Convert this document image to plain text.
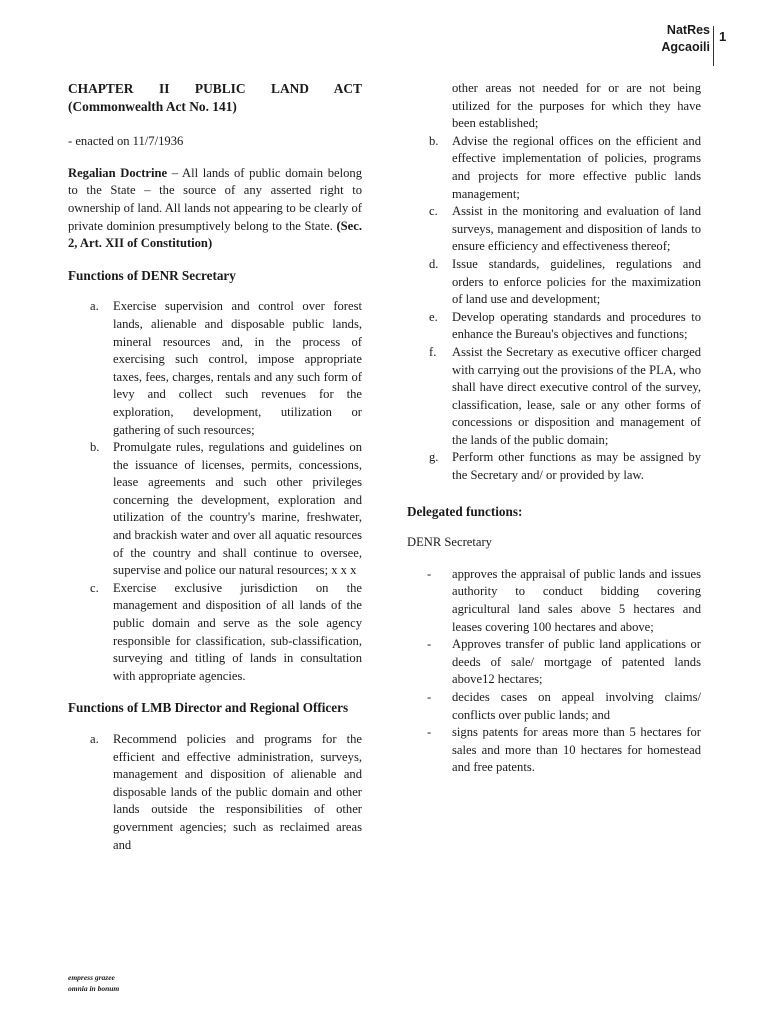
NatRes
Agcaoili
1
CHAPTER II PUBLIC LAND ACT
(Commonwealth Act No. 141)

- enacted on 11/7/1936

Regalian Doctrine – All lands of public domain belong to the State – the source of any asserted right to ownership of land. All lands not appearing to be clearly of private dominion presumptively belong to the State. (Sec. 2, Art. XII of Constitution)

Functions of DENR Secretary

a. Exercise supervision and control over forest lands, alienable and disposable public lands, mineral resources and, in the process of exercising such control, impose appropriate taxes, fees, charges, rentals and any such form of levy and collect such revenues for the exploration, development, utilization or gathering of such resources;
b. Promulgate rules, regulations and guidelines on the issuance of licenses, permits, concessions, lease agreements and such other privileges concerning the development, exploration and utilization of the country's marine, freshwater, and brackish water and over all aquatic resources of the country and shall continue to oversee, supervise and police our natural resources; x x x
c. Exercise exclusive jurisdiction on the management and disposition of all lands of the public domain and serve as the sole agency responsible for classification, sub-classification, surveying and titling of lands in consultation with appropriate agencies.

Functions of LMB Director and Regional Officers

a. Recommend policies and programs for the efficient and effective administration, surveys, management and disposition of alienable and disposable lands of the public domain and other lands outside the responsibilities of other government agencies; such as reclaimed areas and
other areas not needed for or are not being utilized for the purposes for which they have been established;
b. Advise the regional offices on the efficient and effective implementation of policies, programs and projects for more effective public lands management;
c. Assist in the monitoring and evaluation of land surveys, management and disposition of lands to ensure efficiency and effectiveness thereof;
d. Issue standards, guidelines, regulations and orders to enforce policies for the maximization of land use and development;
e. Develop operating standards and procedures to enhance the Bureau's objectives and functions;
f. Assist the Secretary as executive officer charged with carrying out the provisions of the PLA, who shall have direct executive control of the survey, classification, lease, sale or any other forms of concessions or disposition and management of the lands of the public domain;
g. Perform other functions as may be assigned by the Secretary and/ or provided by law.

Delegated functions:

DENR Secretary

- approves the appraisal of public lands and issues authority to conduct bidding covering agricultural land sales above 5 hectares and leases covering 100 hectares and above;
- Approves transfer of public land applications or deeds of sale/ mortgage of patented lands above12 hectares;
- decides cases on appeal involving claims/ conflicts over public lands; and
- signs patents for areas more than 5 hectares for sales and more than 10 hectares for homestead and free patents.
empress grazee
omnia in bonum
